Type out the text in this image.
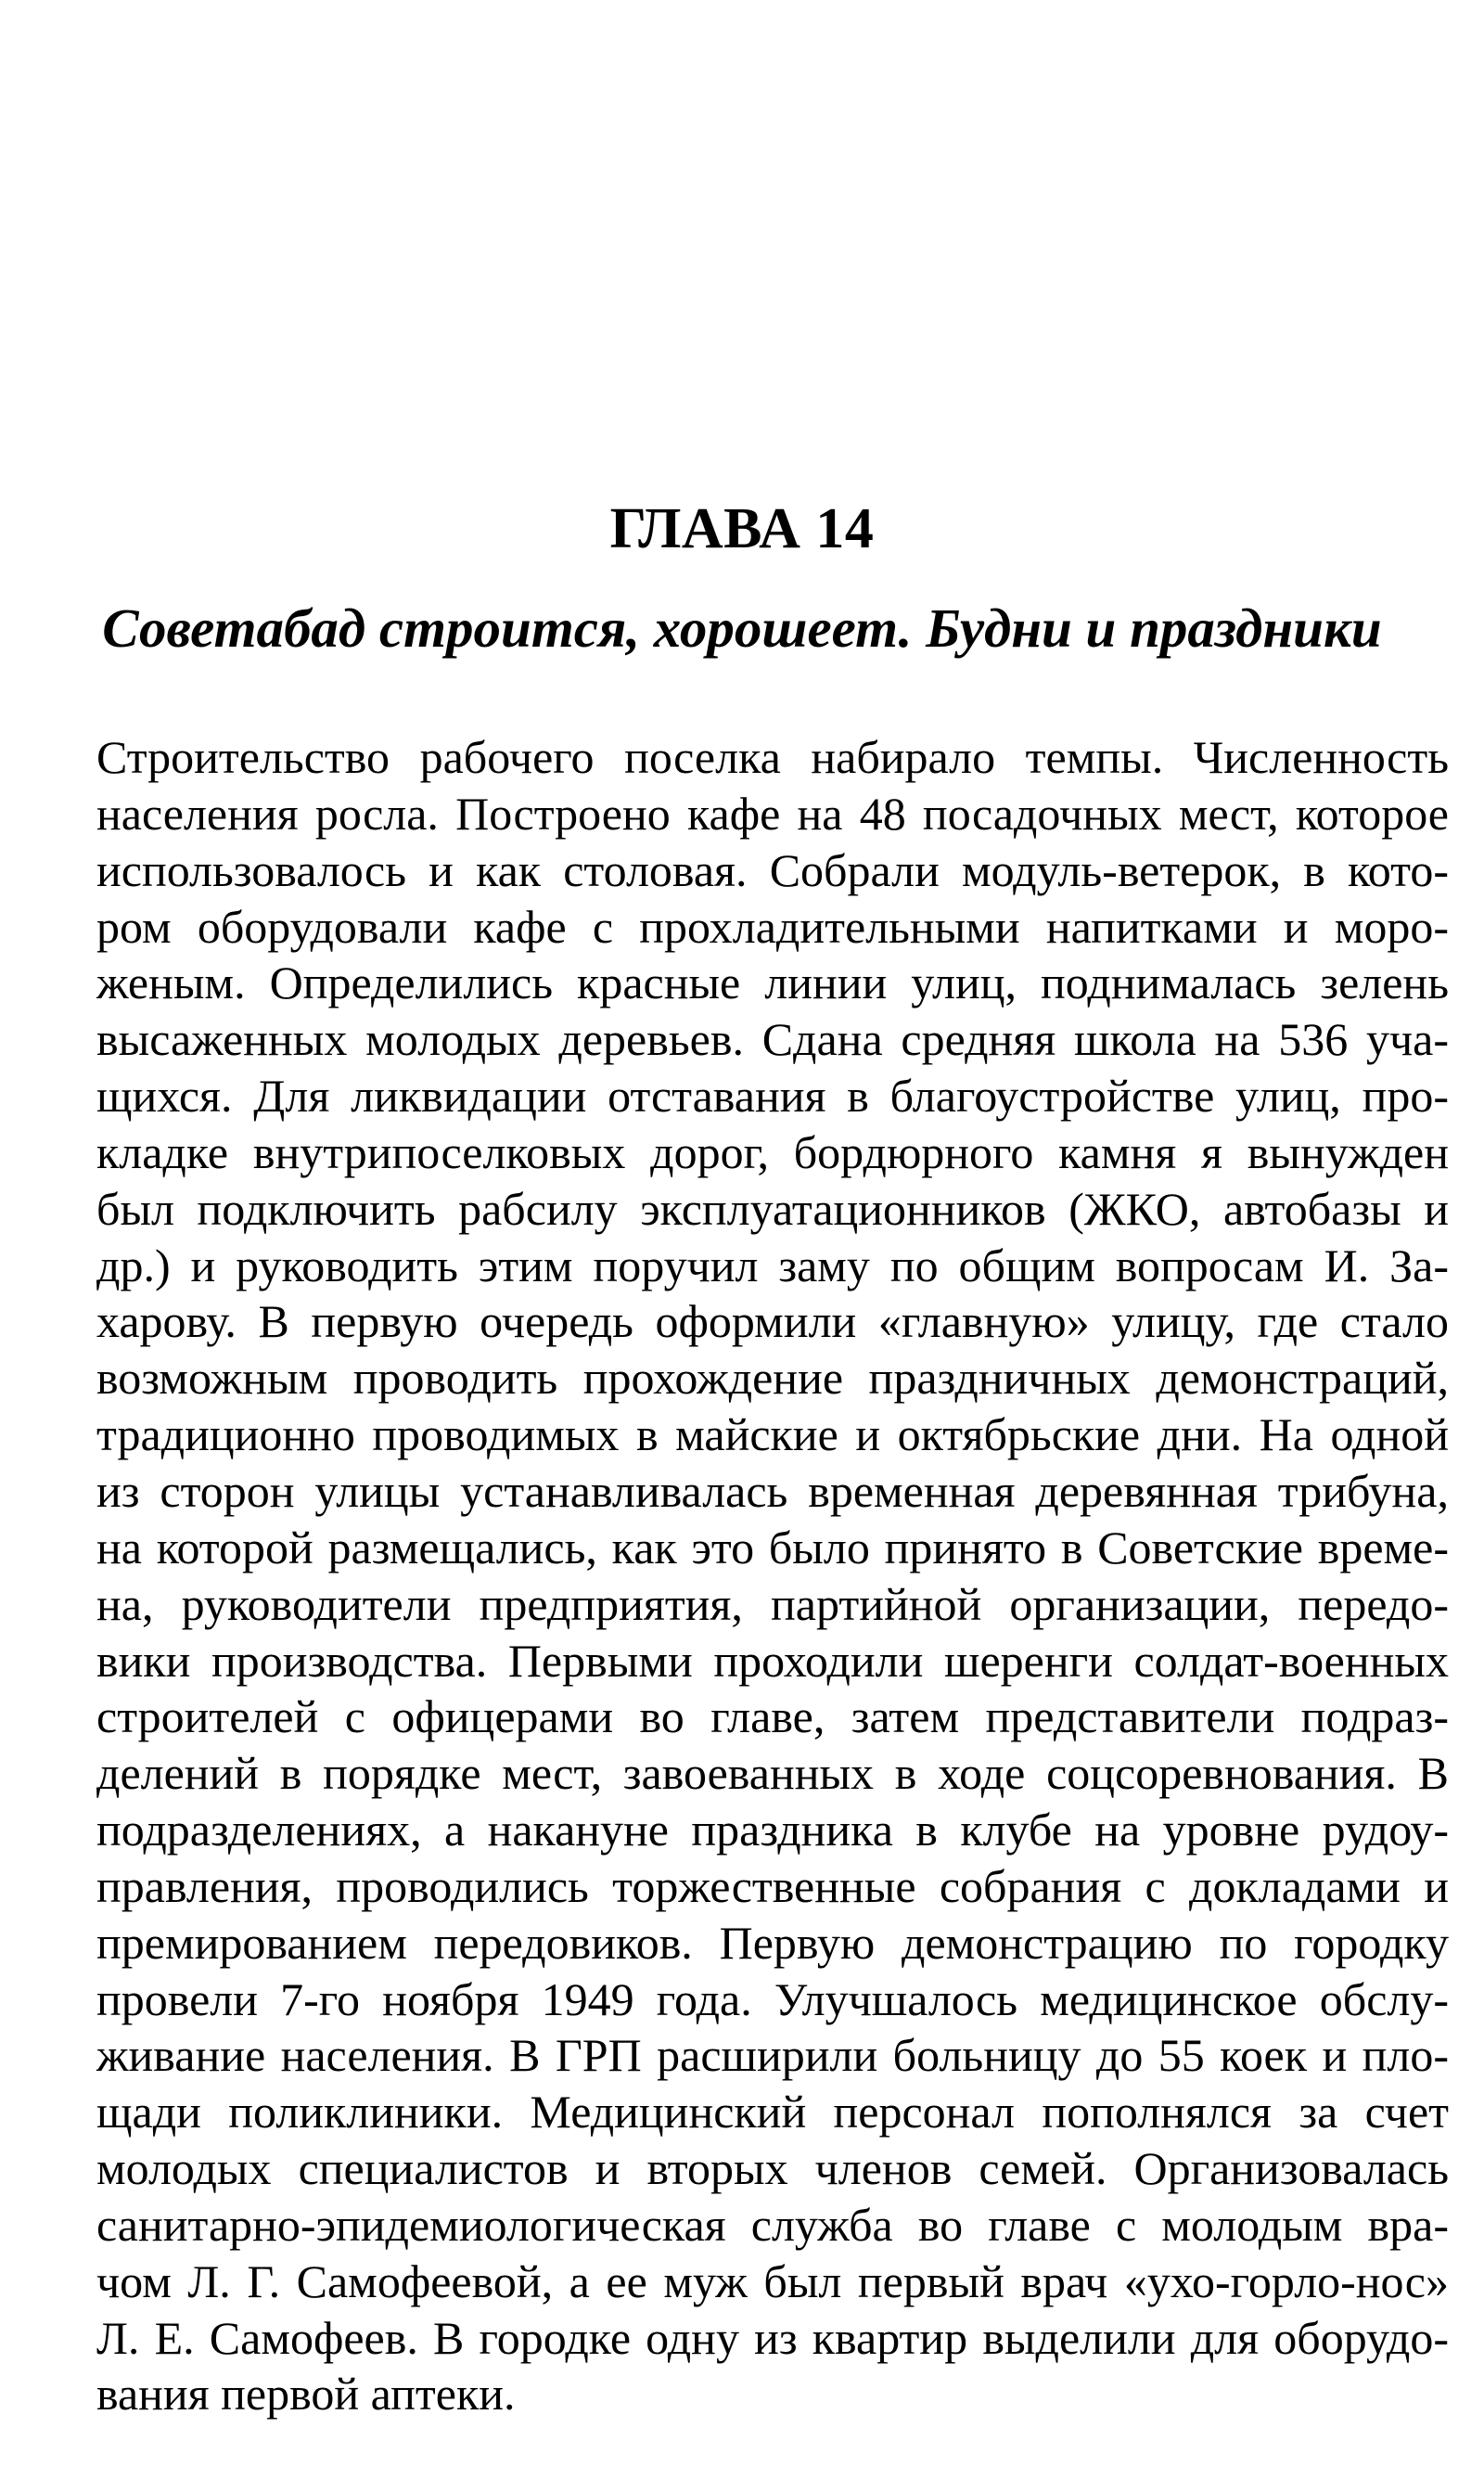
ГЛАВА 14
Советабад строится, хорошеет. Будни и праздники
Строительство рабочего поселка набирало темпы. Численность
населения росла. Построено кафе на 48 посадочных мест, которое
использовалось и как столовая. Собрали модуль-ветерок, в кото-
ром оборудовали кафе с прохладительными напитками и моро-
женым. Определились красные линии улиц, поднималась зелень
высаженных молодых деревьев. Сдана средняя школа на 536 уча-
щихся. Для ликвидации отставания в благоустройстве улиц, про-
кладке внутрипоселковых дорог, бордюрного камня я вынужден
был подключить рабсилу эксплуатационников (ЖКО, автобазы и
др.) и руководить этим поручил заму по общим вопросам И. За-
харову. В первую очередь оформили «главную» улицу, где стало
возможным проводить прохождение праздничных демонстраций,
традиционно проводимых в майские и октябрьские дни. На одной
из сторон улицы устанавливалась временная деревянная трибуна,
на которой размещались, как это было принято в Советские време-
на, руководители предприятия, партийной организации, передо-
вики производства. Первыми проходили шеренги солдат-военных
строителей с офицерами во главе, затем представители подраз-
делений в порядке мест, завоеванных в ходе соцсоревнования. В
подразделениях, а накануне праздника в клубе на уровне рудоу-
правления, проводились торжественные собрания с докладами и
премированием передовиков. Первую демонстрацию по городку
провели 7-го ноября 1949 года. Улучшалось медицинское обслу-
живание населения. В ГРП расширили больницу до 55 коек и пло-
щади поликлиники. Медицинский персонал пополнялся за счет
молодых специалистов и вторых членов семей. Организовалась
санитарно-эпидемиологическая служба во главе с молодым вра-
чом Л. Г. Самофеевой, а ее муж был первый врач «ухо-горло-нос»
Л. Е. Самофеев. В городке одну из квартир выделили для оборудо-
вания первой аптеки.
